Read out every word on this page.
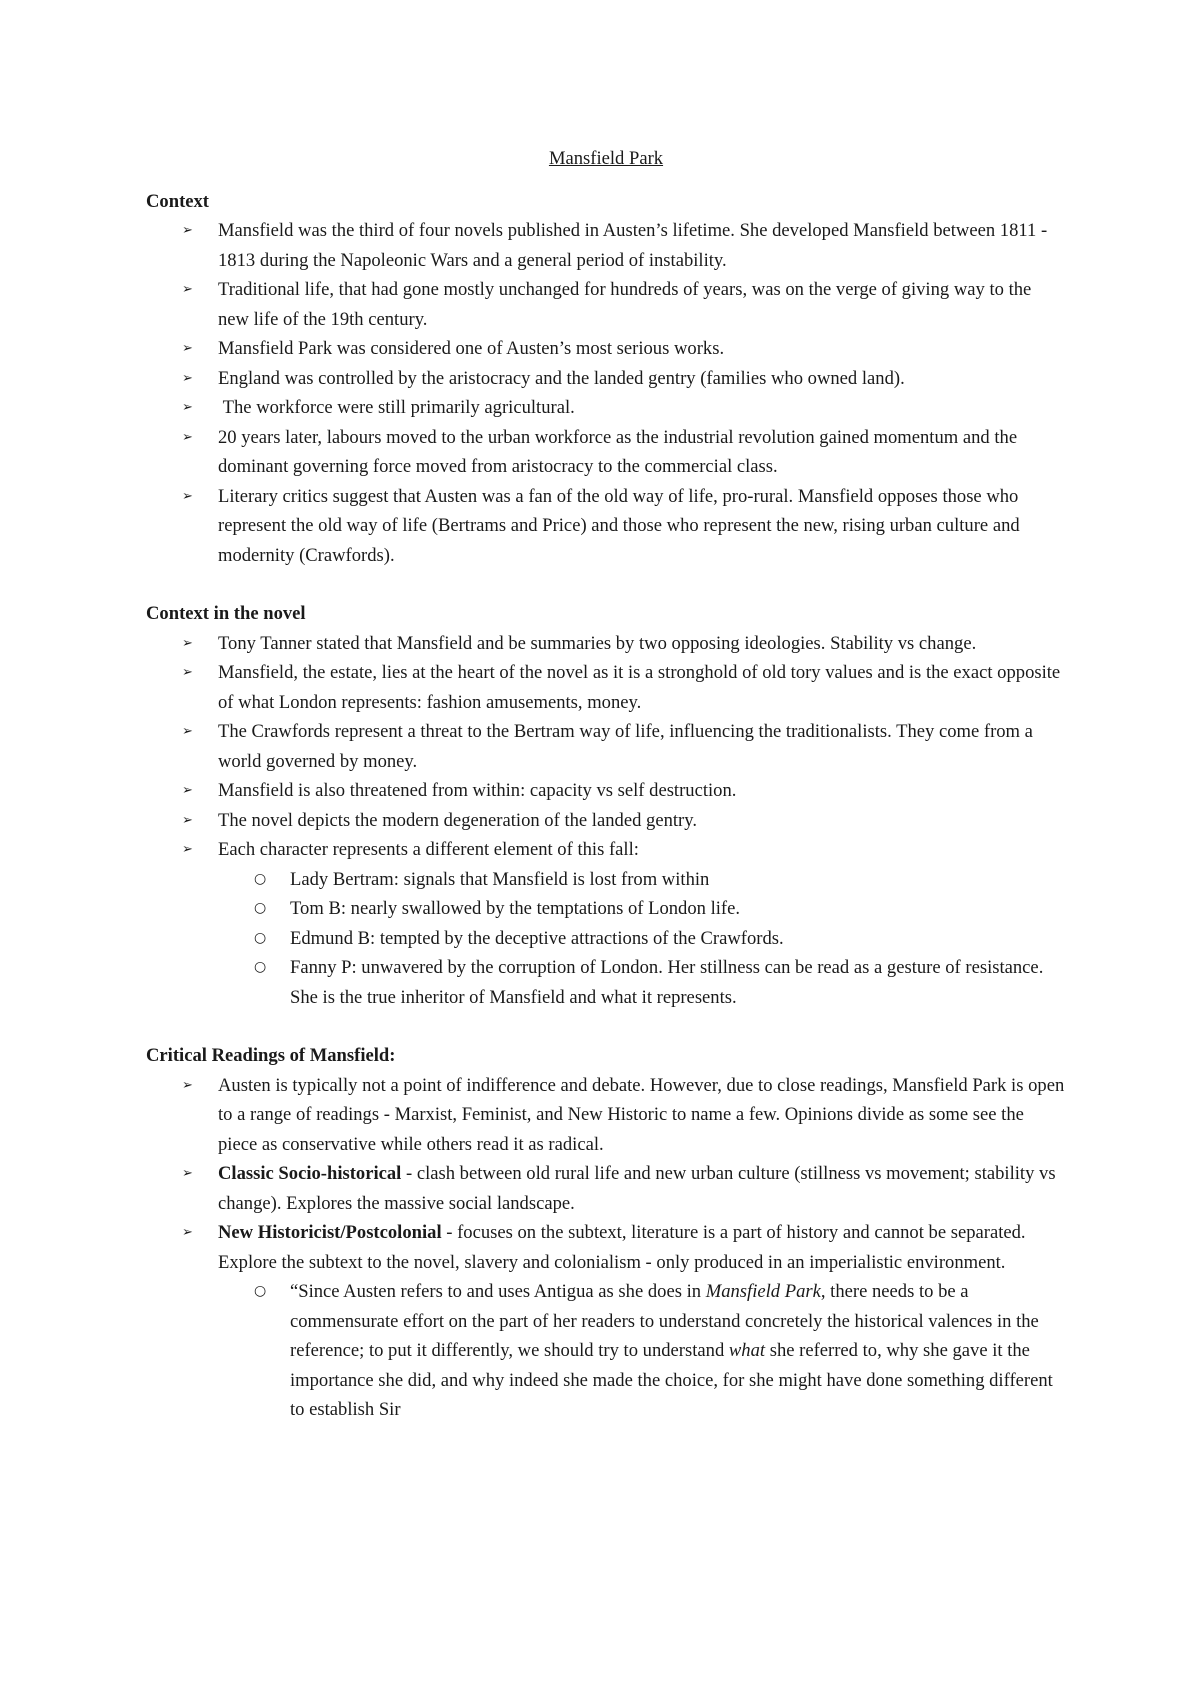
Mansfield Park
Context
➢ Mansfield was the third of four novels published in Austen’s lifetime. She developed Mansfield between 1811 - 1813 during the Napoleonic Wars and a general period of instability.
➢ Traditional life, that had gone mostly unchanged for hundreds of years, was on the verge of giving way to the new life of the 19th century.
➢ Mansfield Park was considered one of Austen’s most serious works.
➢ England was controlled by the aristocracy and the landed gentry (families who owned land).
➢  The workforce were still primarily agricultural.
➢ 20 years later, labours moved to the urban workforce as the industrial revolution gained momentum and the dominant governing force moved from aristocracy to the commercial class.
➢ Literary critics suggest that Austen was a fan of the old way of life, pro-rural. Mansfield opposes those who represent the old way of life (Bertrams and Price) and those who represent the new, rising urban culture and modernity (Crawfords).
Context in the novel
➢ Tony Tanner stated that Mansfield and be summaries by two opposing ideologies. Stability vs change.
➢ Mansfield, the estate, lies at the heart of the novel as it is a stronghold of old tory values and is the exact opposite of what London represents: fashion amusements, money.
➢ The Crawfords represent a threat to the Bertram way of life, influencing the traditionalists. They come from a world governed by money.
➢ Mansfield is also threatened from within: capacity vs self destruction.
➢ The novel depicts the modern degeneration of the landed gentry.
➢ Each character represents a different element of this fall:
○ Lady Bertram: signals that Mansfield is lost from within
○ Tom B: nearly swallowed by the temptations of London life.
○ Edmund B: tempted by the deceptive attractions of the Crawfords.
○ Fanny P: unwavered by the corruption of London. Her stillness can be read as a gesture of resistance. She is the true inheritor of Mansfield and what it represents.
Critical Readings of Mansfield:
➢ Austen is typically not a point of indifference and debate. However, due to close readings, Mansfield Park is open to a range of readings - Marxist, Feminist, and New Historic to name a few. Opinions divide as some see the piece as conservative while others read it as radical.
➢ Classic Socio-historical - clash between old rural life and new urban culture (stillness vs movement; stability vs change). Explores the massive social landscape.
➢ New Historicist/Postcolonial - focuses on the subtext, literature is a part of history and cannot be separated. Explore the subtext to the novel, slavery and colonialism - only produced in an imperialistic environment.
○ “Since Austen refers to and uses Antigua as she does in Mansfield Park, there needs to be a commensurate effort on the part of her readers to understand concretely the historical valences in the reference; to put it differently, we should try to understand what she referred to, why she gave it the importance she did, and why indeed she made the choice, for she might have done something different to establish Sir
